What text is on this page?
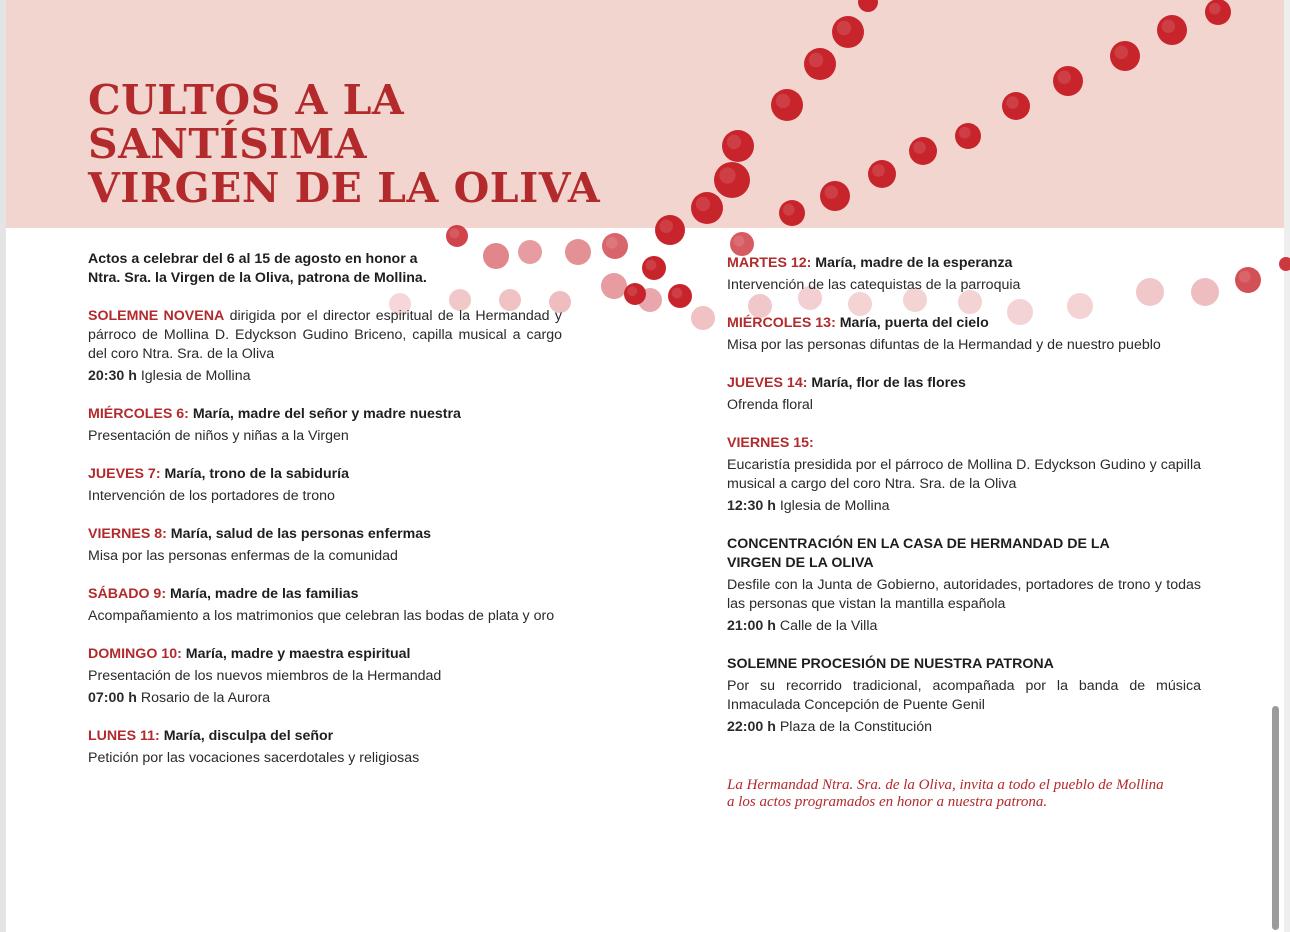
CULTOS A LA
SANTÍSIMA
VIRGEN DE LA OLIVA
Actos a celebrar del 6 al 15 de agosto en honor a
Ntra. Sra. la Virgen de la Oliva, patrona de Mollina.
SOLEMNE NOVENA dirigida por el director espiritual de la Hermandad y párroco de Mollina D. Edyckson Gudino Briceno, capilla musical a cargo del coro Ntra. Sra. de la Oliva
20:30 h Iglesia de Mollina
MIÉRCOLES 6: María, madre del señor y madre nuestra
Presentación de niños y niñas a la Virgen
JUEVES 7: María, trono de la sabiduría
Intervención de los portadores de trono
VIERNES 8: María, salud de las personas enfermas
Misa por las personas enfermas de la comunidad
SÁBADO 9: María, madre de las familias
Acompañamiento a los matrimonios que celebran las bodas de plata y oro
DOMINGO 10: María, madre y maestra espiritual
Presentación de los nuevos miembros de la Hermandad
07:00 h Rosario de la Aurora
LUNES 11: María, disculpa del señor
Petición por las vocaciones sacerdotales y religiosas
MARTES 12: María, madre de la esperanza
Intervención de las catequistas de la parroquia
MIÉRCOLES 13: María, puerta del cielo
Misa por las personas difuntas de la Hermandad y de nuestro pueblo
JUEVES 14: María, flor de las flores
Ofrenda floral
VIERNES 15:
Eucaristía presidida por el párroco de Mollina D. Edyckson Gudino y capilla musical a cargo del coro Ntra. Sra. de la Oliva
12:30 h Iglesia de Mollina
CONCENTRACIÓN EN LA CASA DE HERMANDAD DE LA
VIRGEN DE LA OLIVA
Desfile con la Junta de Gobierno, autoridades, portadores de trono y todas las personas que vistan la mantilla española
21:00 h Calle de la Villa
SOLEMNE PROCESIÓN DE NUESTRA PATRONA
Por su recorrido tradicional, acompañada por la banda de música Inmaculada Concepción de Puente Genil
22:00 h Plaza de la Constitución
La Hermandad Ntra. Sra. de la Oliva, invita a todo el pueblo de Mollina
a los actos programados en honor a nuestra patrona.
